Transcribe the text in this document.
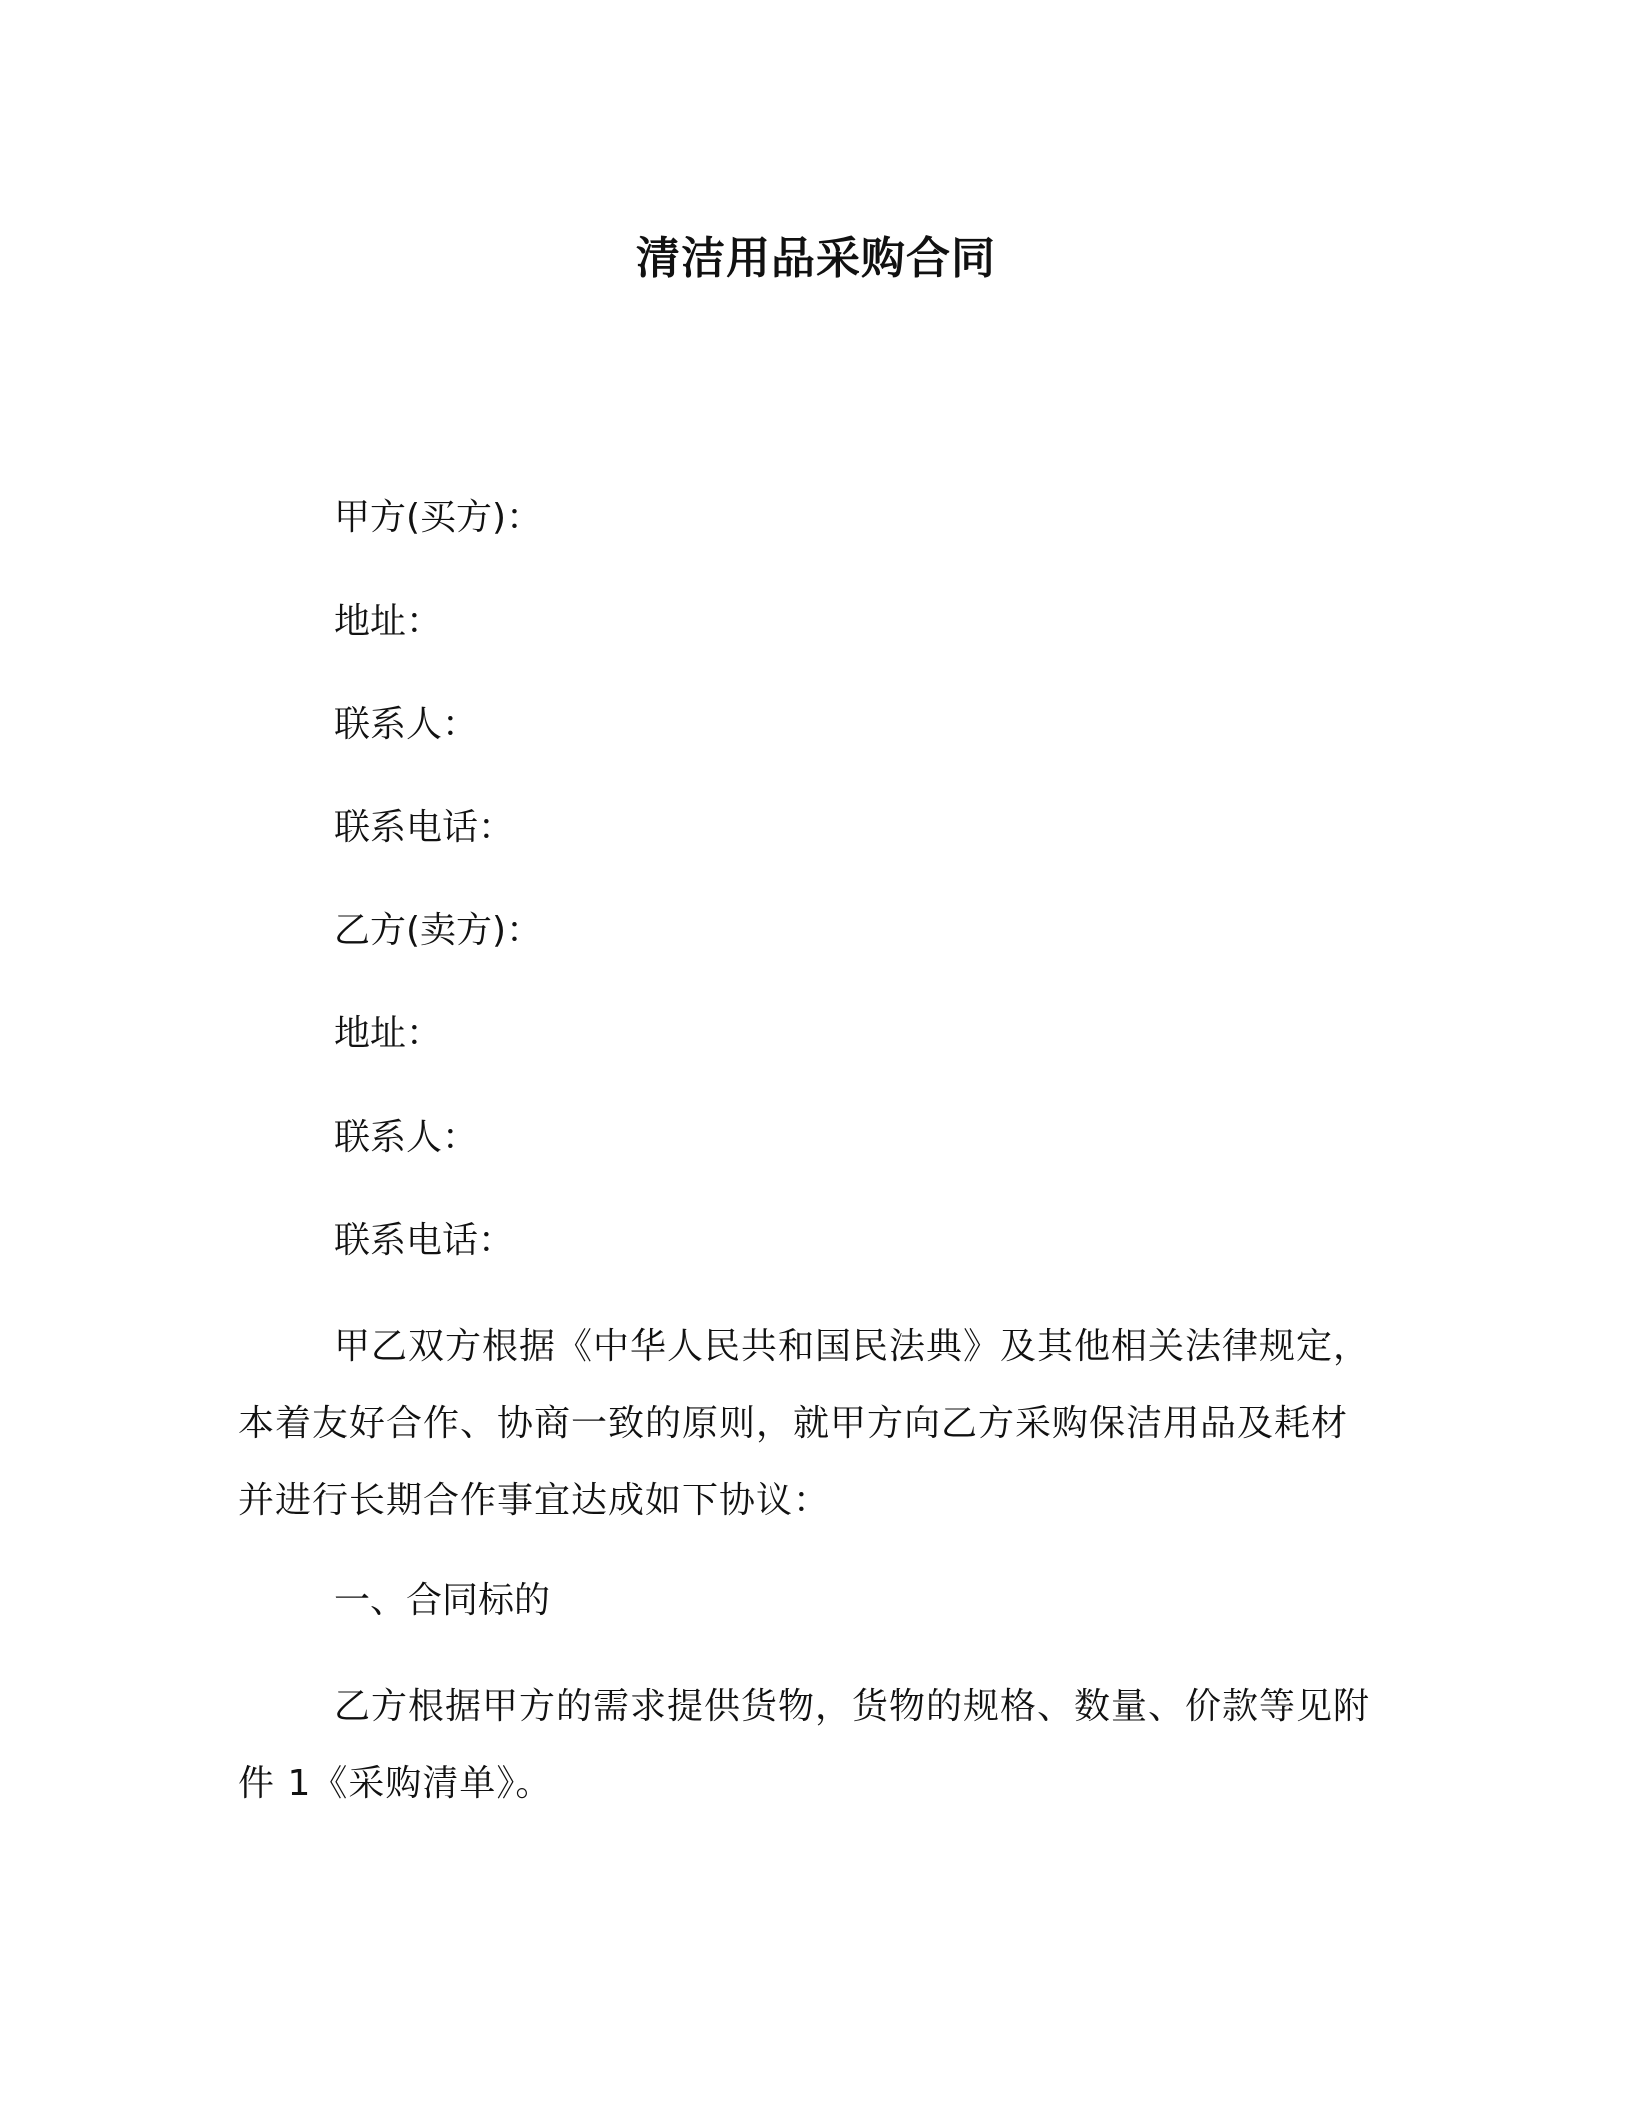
清洁用品采购合同
甲方(买方)：
地址：
联系人：
联系电话：
乙方(卖方)：
地址：
联系人：
联系电话：
甲乙双方根据《中华人民共和国民法典》及其他相关法律规定，本着友好合作、协商一致的原则，就甲方向乙方采购保洁用品及耗材并进行长期合作事宜达成如下协议：
一、合同标的
乙方根据甲方的需求提供货物，货物的规格、数量、价款等见附件 1《采购清单》。
